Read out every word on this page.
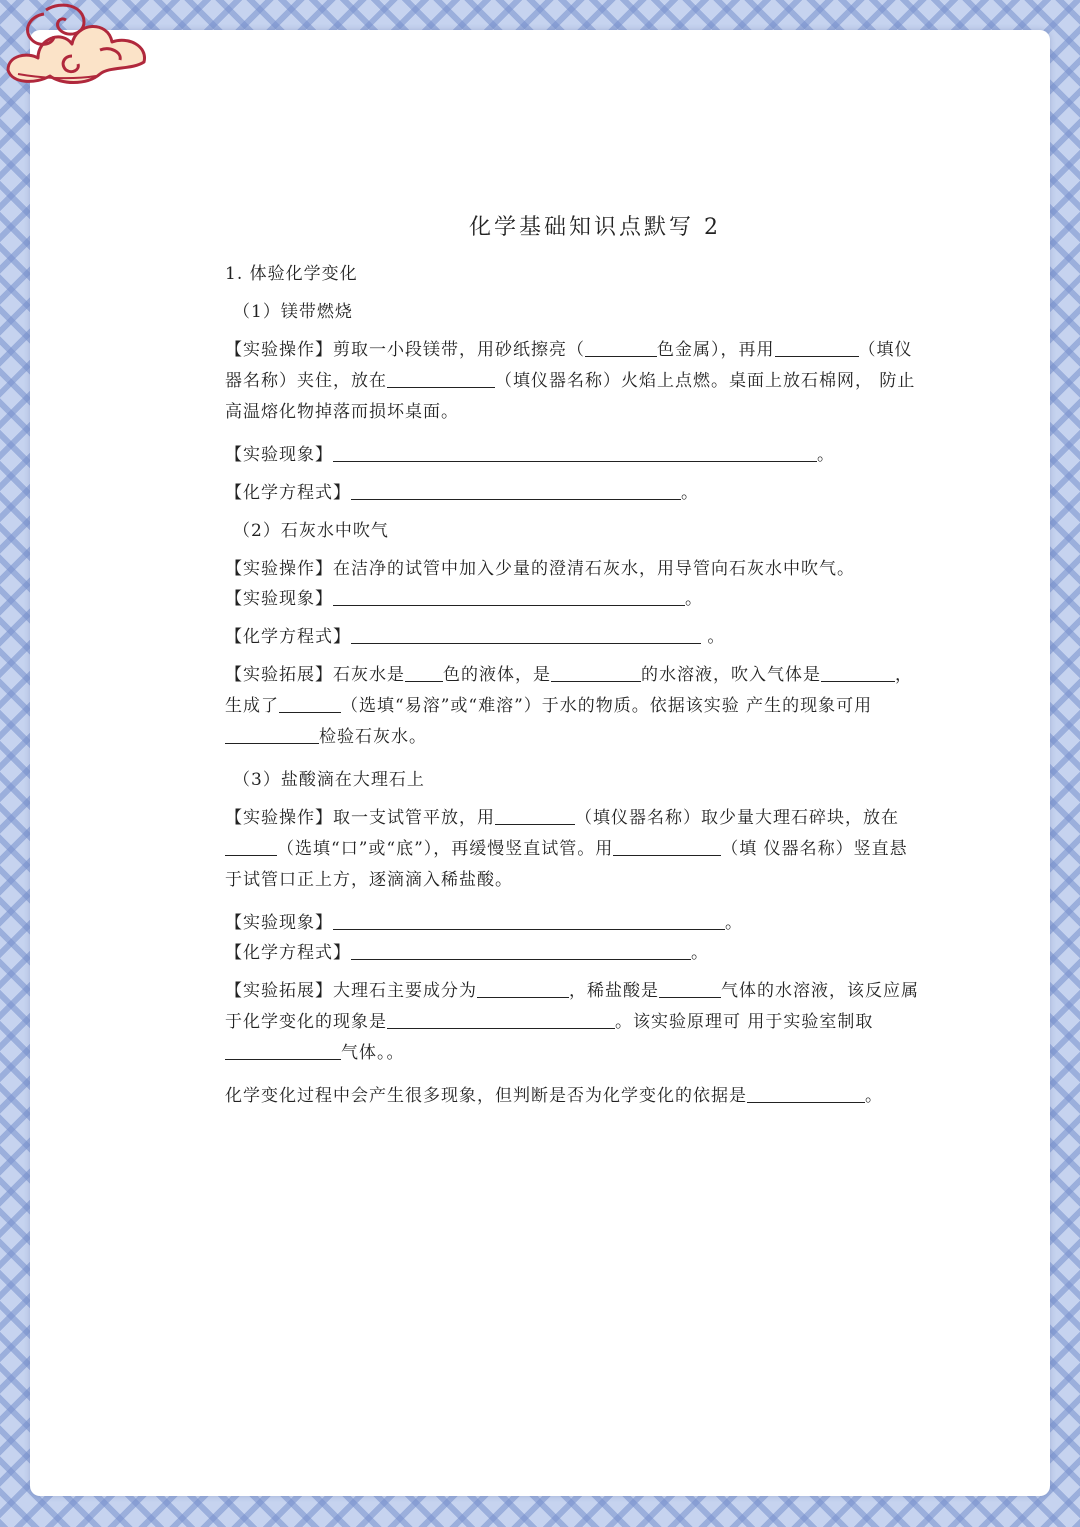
化学基础知识点默写 2

1. 体验化学变化

（1）镁带燃烧

【实验操作】剪取一小段镁带，用砂纸擦亮（	色金属），再用	（填仪器名称）夹住，放在	（填仪器名称）火焰上点燃。桌面上放石棉网， 防止高温熔化物掉落而损坏桌面。

【实验现象】	。

【化学方程式】	。

（2）石灰水中吹气

【实验操作】在洁净的试管中加入少量的澄清石灰水，用导管向石灰水中吹气。

【实验现象】	。

【化学方程式】	。

【实验拓展】石灰水是 色的液体，是	的水溶液，吹入气体是	，生成了	（选填“易溶”或“难溶”）于水的物质。依据该实验 产生的现象可用检验石灰水。

（3）盐酸滴在大理石上

【实验操作】取一支试管平放，用	（填仪器名称）取少量大理石碎块，放在（选填“口”或“底”），再缓慢竖直试管。用	（填 仪器名称）竖直悬于试管口正上方，逐滴滴入稀盐酸。

【实验现象】	。

【化学方程式】	。

【实验拓展】大理石主要成分为	，稀盐酸是	气体的水溶液，该反应属于化学变化的现象是	。该实验原理可 用于实验室制取气体。。

化学变化过程中会产生很多现象，但判断是否为化学变化的依据是	。
